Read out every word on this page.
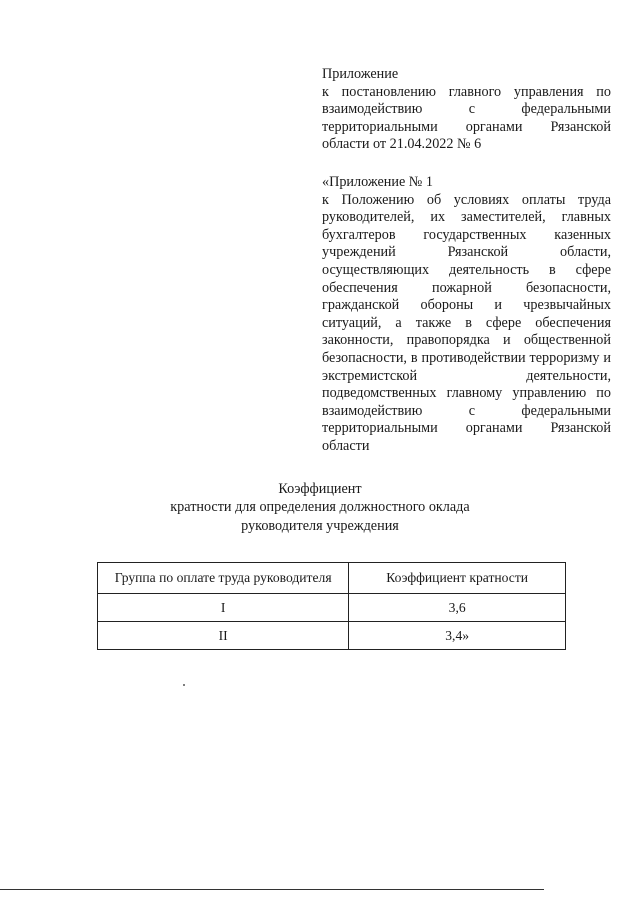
Приложение
к постановлению главного управления по взаимодействию с федеральными территориальными органами Рязанской области от 21.04.2022 № 6
«Приложение № 1
к Положению об условиях оплаты труда руководителей, их заместителей, главных бухгалтеров государственных казенных учреждений Рязанской области, осуществляющих деятельность в сфере обеспечения пожарной безопасности, гражданской обороны и чрезвычайных ситуаций, а также в сфере обеспечения законности, правопорядка и общественной безопасности, в противодействии терроризму и экстремистской деятельности, подведомственных главному управлению по взаимодействию с федеральными территориальными органами Рязанской области
Коэффициент
кратности для определения должностного оклада
руководителя учреждения
Группа по оплате труда руководителя	Коэффициент кратности
I	3,6
II	3,4»
